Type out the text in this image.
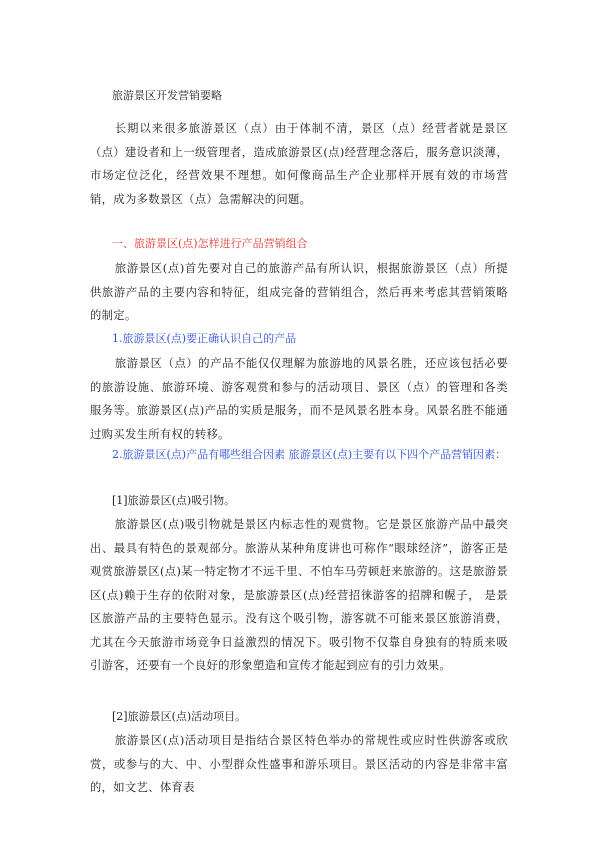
旅游景区开发营销要略
长期以来很多旅游景区（点）由于体制不清，景区（点）经营者就是景区（点）建设者和上一级管理者，造成旅游景区(点)经营理念落后，服务意识淡薄，市场定位泛化，经营效果不理想。如何像商品生产企业那样开展有效的市场营销，成为多数景区（点）急需解决的问题。
一、旅游景区(点)怎样进行产品营销组合
旅游景区(点)首先要对自己的旅游产品有所认识，根据旅游景区（点）所提供旅游产品的主要内容和特征，组成完备的营销组合，然后再来考虑其营销策略的制定。
1.旅游景区(点)要正确认识自己的产品
旅游景区（点）的产品不能仅仅理解为旅游地的风景名胜，还应该包括必要的旅游设施、旅游环境、游客观赏和参与的活动项目、景区（点）的管理和各类服务等。旅游景区(点)产品的实质是服务，而不是风景名胜本身。风景名胜不能通过购买发生所有权的转移。
2.旅游景区(点)产品有哪些组合因素 旅游景区(点)主要有以下四个产品营销因素：
[1]旅游景区(点)吸引物。
旅游景区(点)吸引物就是景区内标志性的观赏物。它是景区旅游产品中最突出、最具有特色的景观部分。旅游从某种角度讲也可称作“眼球经济”，游客正是 观赏旅游景区(点)某一特定物才不远千里、不怕车马劳顿赶来旅游的。这是旅游景区(点)赖于生存的依附对象，是旅游景区(点)经营招徕游客的招牌和幌子， 是景区旅游产品的主要特色显示。没有这个吸引物，游客就不可能来景区旅游消费，尤其在今天旅游市场竞争日益激烈的情况下。吸引物不仅靠自身独有的特质来吸 引游客，还要有一个良好的形象塑造和宣传才能起到应有的引力效果。
[2]旅游景区(点)活动项目。
旅游景区(点)活动项目是指结合景区特色举办的常规性或应时性供游客或欣赏，或参与的大、中、小型群众性盛事和游乐项目。景区活动的内容是非常丰富 的，如文艺、体育表
